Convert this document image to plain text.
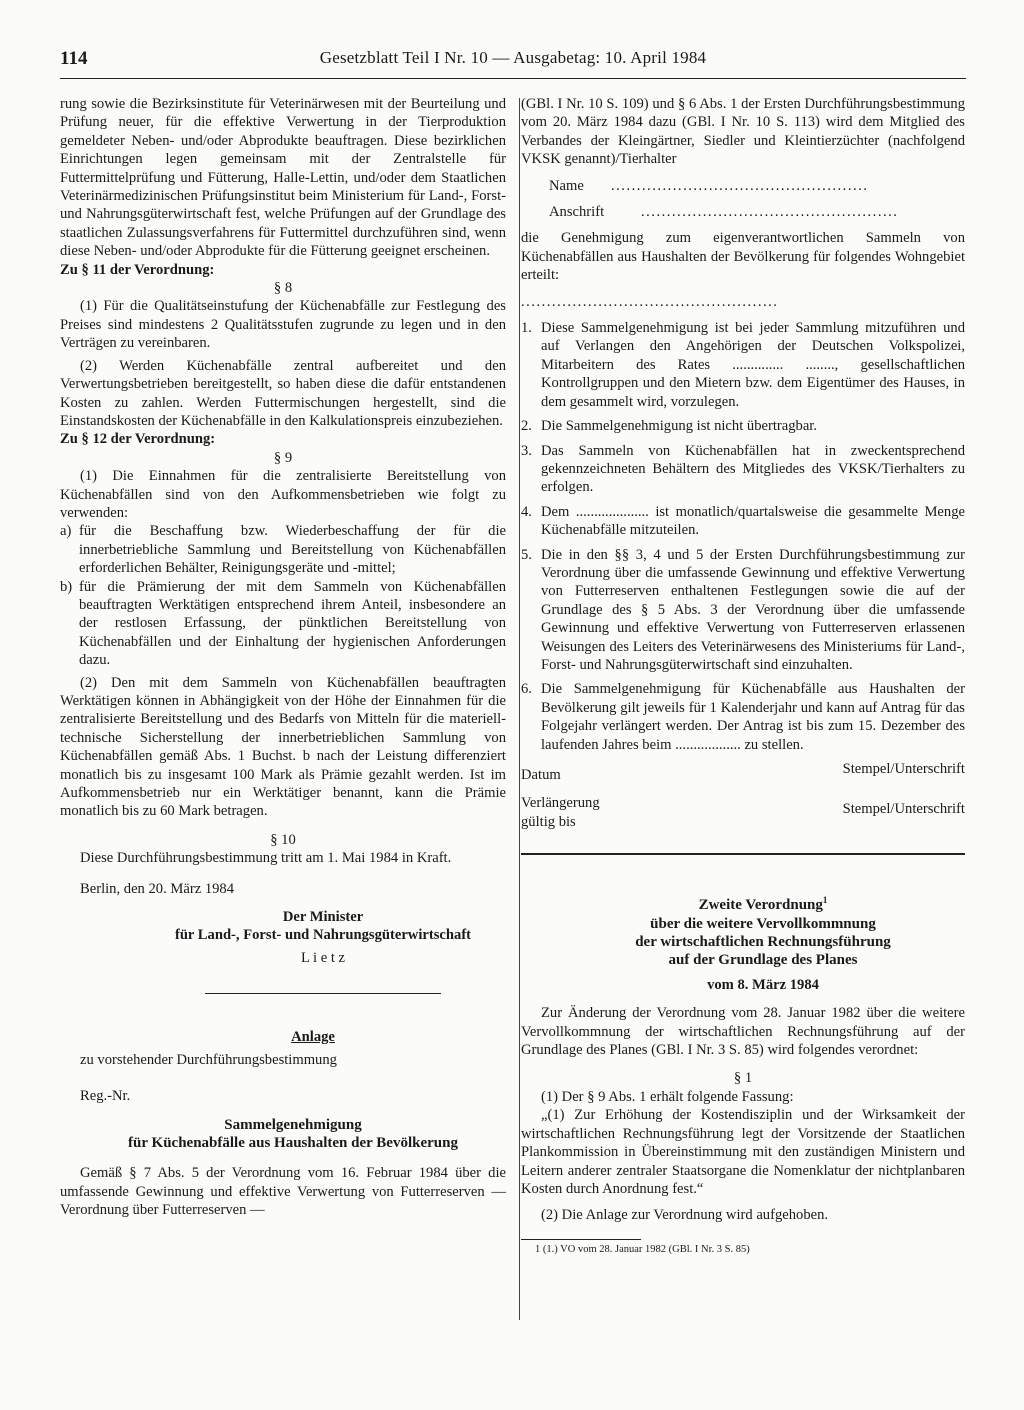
114	Gesetzblatt Teil I Nr. 10 — Ausgabetag: 10. April 1984

rung sowie die Bezirksinstitute für Veterinärwesen mit der Beurteilung und Prüfung neuer, für die effektive Verwertung in der Tierproduktion gemeldeter Neben- und/oder Abprodukte beauftragen. Diese bezirklichen Einrichtungen legen gemeinsam mit der Zentralstelle für Futtermittelprüfung und Fütterung, Halle-Lettin, und/oder dem Staatlichen Veterinärmedizinischen Prüfungsinstitut beim Ministerium für Land-, Forst- und Nahrungsgüterwirtschaft fest, welche Prüfungen auf der Grundlage des staatlichen Zulassungsverfahrens für Futtermittel durchzuführen sind, wenn diese Neben- und/oder Abprodukte für die Fütterung geeignet erscheinen.

Zu § 11 der Verordnung:

§ 8

(1) Für die Qualitätseinstufung der Küchenabfälle zur Festlegung des Preises sind mindestens 2 Qualitätsstufen zugrunde zu legen und in den Verträgen zu vereinbaren.

(2) Werden Küchenabfälle zentral aufbereitet und den Verwertungsbetrieben bereitgestellt, so haben diese die dafür entstandenen Kosten zu zahlen. Werden Futtermischungen hergestellt, sind die Einstandskosten der Küchenabfälle in den Kalkulationspreis einzubeziehen.

Zu § 12 der Verordnung:

§ 9

(1) Die Einnahmen für die zentralisierte Bereitstellung von Küchenabfällen sind von den Aufkommensbetrieben wie folgt zu verwenden:

a) für die Beschaffung bzw. Wiederbeschaffung der für die innerbetriebliche Sammlung und Bereitstellung von Küchenabfällen erforderlichen Behälter, Reinigungsgeräte und -mittel;
b) für die Prämierung der mit dem Sammeln von Küchenabfällen beauftragten Werktätigen entsprechend ihrem Anteil, insbesondere an der restlosen Erfassung, der pünktlichen Bereitstellung von Küchenabfällen und der Einhaltung der hygienischen Anforderungen dazu.

(2) Den mit dem Sammeln von Küchenabfällen beauftragten Werktätigen können in Abhängigkeit von der Höhe der Einnahmen für die zentralisierte Bereitstellung und des Bedarfs von Mitteln für die materiell-technische Sicherstellung der innerbetrieblichen Sammlung von Küchenabfällen gemäß Abs. 1 Buchst. b nach der Leistung differenziert monatlich bis zu insgesamt 100 Mark als Prämie gezahlt werden. Ist im Aufkommensbetrieb nur ein Werktätiger benannt, kann die Prämie monatlich bis zu 60 Mark betragen.

§ 10

Diese Durchführungsbestimmung tritt am 1. Mai 1984 in Kraft.

Berlin, den 20. März 1984

Der Minister

für Land-, Forst- und Nahrungsgüterwirtschaft

L i e t z

Anlage

zu vorstehender Durchführungsbestimmung

Reg.-Nr.

Sammelgenehmigung

für Küchenabfälle aus Haushalten der Bevölkerung

Gemäß § 7 Abs. 5 der Verordnung vom 16. Februar 1984 über die umfassende Gewinnung und effektive Verwertung von Futterreserven — Verordnung über Futterreserven —

(GBl. I Nr. 10 S. 109) und § 6 Abs. 1 der Ersten Durchführungsbestimmung vom 20. März 1984 dazu (GBl. I Nr. 10 S. 113) wird dem Mitglied des Verbandes der Kleingärtner, Siedler und Kleintierzüchter (nachfolgend VKSK genannt)/Tierhalter

Name	..................................................
Anschrift	..................................................

die Genehmigung zum eigenverantwortlichen Sammeln von Küchenabfällen aus Haushalten der Bevölkerung für folgendes Wohngebiet erteilt:

..................................................
1. Diese Sammelgenehmigung ist bei jeder Sammlung mitzuführen und auf Verlangen den Angehörigen der Deutschen Volkspolizei, Mitarbeitern des Rates .............. ........, gesellschaftlichen Kontrollgruppen und den Mietern bzw. dem Eigentümer des Hauses, in dem gesammelt wird, vorzulegen.
2. Die Sammelgenehmigung ist nicht übertragbar.
3. Das Sammeln von Küchenabfällen hat in zweckentsprechend gekennzeichneten Behältern des Mitgliedes des VKSK/Tierhalters zu erfolgen.
4. Dem .................... ist monatlich/quartalsweise die gesammelte Menge Küchenabfälle mitzuteilen.
5. Die in den §§ 3, 4 und 5 der Ersten Durchführungsbestimmung zur Verordnung über die umfassende Gewinnung und effektive Verwertung von Futterreserven enthaltenen Festlegungen sowie die auf der Grundlage des § 5 Abs. 3 der Verordnung über die umfassende Gewinnung und effektive Verwertung von Futterreserven erlassenen Weisungen des Leiters des Veterinärwesens des Ministeriums für Land-, Forst- und Nahrungsgüterwirtschaft sind einzuhalten.
6. Die Sammelgenehmigung für Küchenabfälle aus Haushalten der Bevölkerung gilt jeweils für 1 Kalenderjahr und kann auf Antrag für das Folgejahr verlängert werden. Der Antrag ist bis zum 15. Dezember des laufenden Jahres beim .................. zu stellen.
Datum	Stempel/Unterschrift
Verlängerung
gültig bis
Stempel/Unterschrift

Zweite Verordnung$^1$

über die weitere Vervollkommnung

der wirtschaftlichen Rechnungsführung

auf der Grundlage des Planes

vom 8. März 1984

Zur Änderung der Verordnung vom 28. Januar 1982 über die weitere Vervollkommnung der wirtschaftlichen Rechnungsführung auf der Grundlage des Planes (GBl. I Nr. 3 S. 85) wird folgendes verordnet:

§ 1

(1) Der § 9 Abs. 1 erhält folgende Fassung:

„(1) Zur Erhöhung der Kostendisziplin und der Wirksamkeit der wirtschaftlichen Rechnungsführung legt der Vorsitzende der Staatlichen Plankommission in Übereinstimmung mit den zuständigen Ministern und Leitern anderer zentraler Staatsorgane die Nomenklatur der nichtplanbaren Kosten durch Anordnung fest.“

(2) Die Anlage zur Verordnung wird aufgehoben.

1 (1.) VO vom 28. Januar 1982 (GBl. I Nr. 3 S. 85)
